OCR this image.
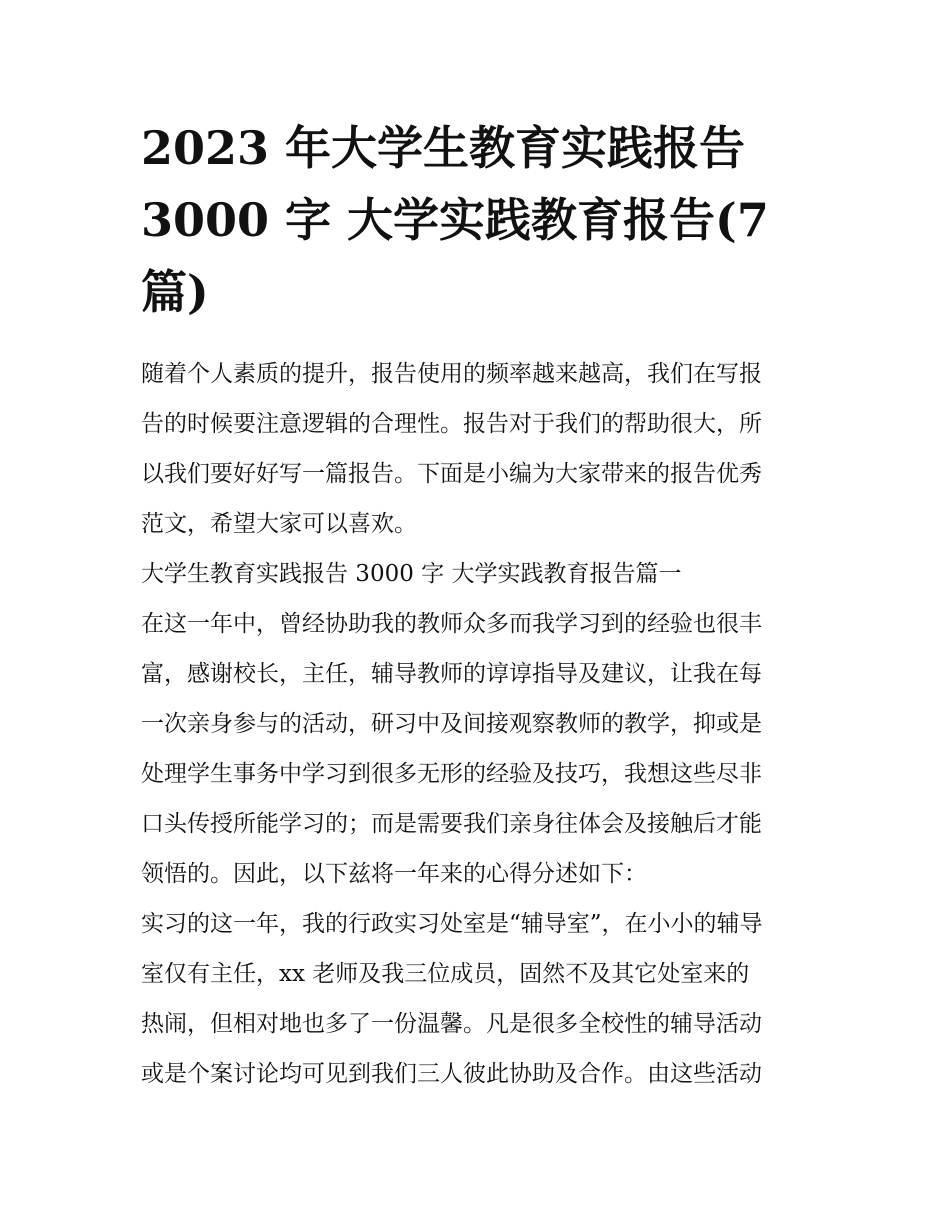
2023 年大学生教育实践报告
3000 字 大学实践教育报告(7
篇)

随着个人素质的提升，报告使用的频率越来越高，我们在写报
告的时候要注意逻辑的合理性。报告对于我们的帮助很大，所
以我们要好好写一篇报告。下面是小编为大家带来的报告优秀
范文，希望大家可以喜欢。

大学生教育实践报告 3000 字 大学实践教育报告篇一

在这一年中，曾经协助我的教师众多而我学习到的经验也很丰
富，感谢校长，主任，辅导教师的谆谆指导及建议，让我在每
一次亲身参与的活动，研习中及间接观察教师的教学，抑或是
处理学生事务中学习到很多无形的经验及技巧，我想这些尽非
口头传授所能学习的；而是需要我们亲身往体会及接触后才能
领悟的。因此，以下兹将一年来的心得分述如下：

实习的这一年，我的行政实习处室是“辅导室”，在小小的辅导
室仅有主任，xx 老师及我三位成员，固然不及其它处室来的
热闹，但相对地也多了一份温馨。凡是很多全校性的辅导活动
或是个案讨论均可见到我们三人彼此协助及合作。由这些活动
